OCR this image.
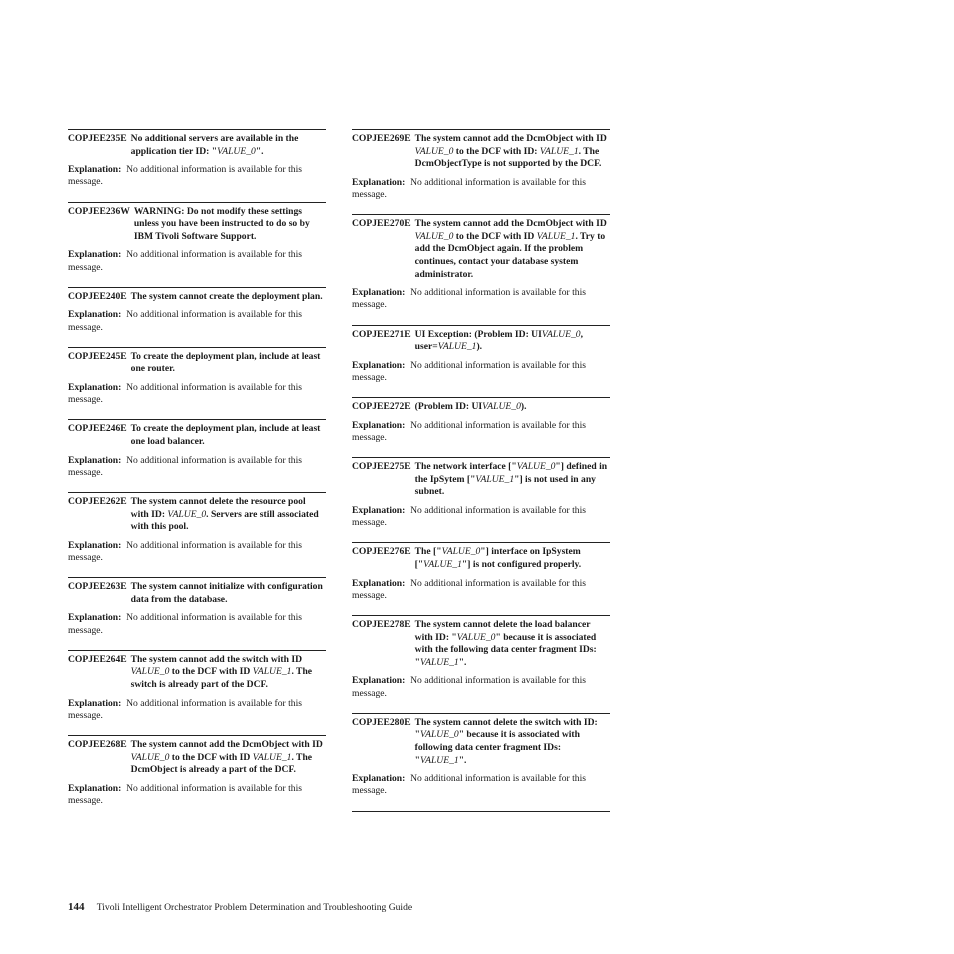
COPJEE235E No additional servers are available in the application tier ID: "VALUE_0".
Explanation: No additional information is available for this message.
COPJEE236W WARNING: Do not modify these settings unless you have been instructed to do so by IBM Tivoli Software Support.
Explanation: No additional information is available for this message.
COPJEE240E The system cannot create the deployment plan.
Explanation: No additional information is available for this message.
COPJEE245E To create the deployment plan, include at least one router.
Explanation: No additional information is available for this message.
COPJEE246E To create the deployment plan, include at least one load balancer.
Explanation: No additional information is available for this message.
COPJEE262E The system cannot delete the resource pool with ID: VALUE_0. Servers are still associated with this pool.
Explanation: No additional information is available for this message.
COPJEE263E The system cannot initialize with configuration data from the database.
Explanation: No additional information is available for this message.
COPJEE264E The system cannot add the switch with ID VALUE_0 to the DCF with ID VALUE_1. The switch is already part of the DCF.
Explanation: No additional information is available for this message.
COPJEE268E The system cannot add the DcmObject with ID VALUE_0 to the DCF with ID VALUE_1. The DcmObject is already a part of the DCF.
Explanation: No additional information is available for this message.
COPJEE269E The system cannot add the DcmObject with ID VALUE_0 to the DCF with ID: VALUE_1. The DcmObjectType is not supported by the DCF.
Explanation: No additional information is available for this message.
COPJEE270E The system cannot add the DcmObject with ID VALUE_0 to the DCF with ID VALUE_1. Try to add the DcmObject again. If the problem continues, contact your database system administrator.
Explanation: No additional information is available for this message.
COPJEE271E UI Exception: (Problem ID: UIVALUE_0, user=VALUE_1).
Explanation: No additional information is available for this message.
COPJEE272E (Problem ID: UIVALUE_0).
Explanation: No additional information is available for this message.
COPJEE275E The network interface ["VALUE_0"] defined in the IpSytem ["VALUE_1"] is not used in any subnet.
Explanation: No additional information is available for this message.
COPJEE276E The ["VALUE_0"] interface on IpSystem ["VALUE_1"] is not configured properly.
Explanation: No additional information is available for this message.
COPJEE278E The system cannot delete the load balancer with ID: "VALUE_0" because it is associated with the following data center fragment IDs: "VALUE_1".
Explanation: No additional information is available for this message.
COPJEE280E The system cannot delete the switch with ID: "VALUE_0" because it is associated with following data center fragment IDs: "VALUE_1".
Explanation: No additional information is available for this message.
144 Tivoli Intelligent Orchestrator Problem Determination and Troubleshooting Guide
